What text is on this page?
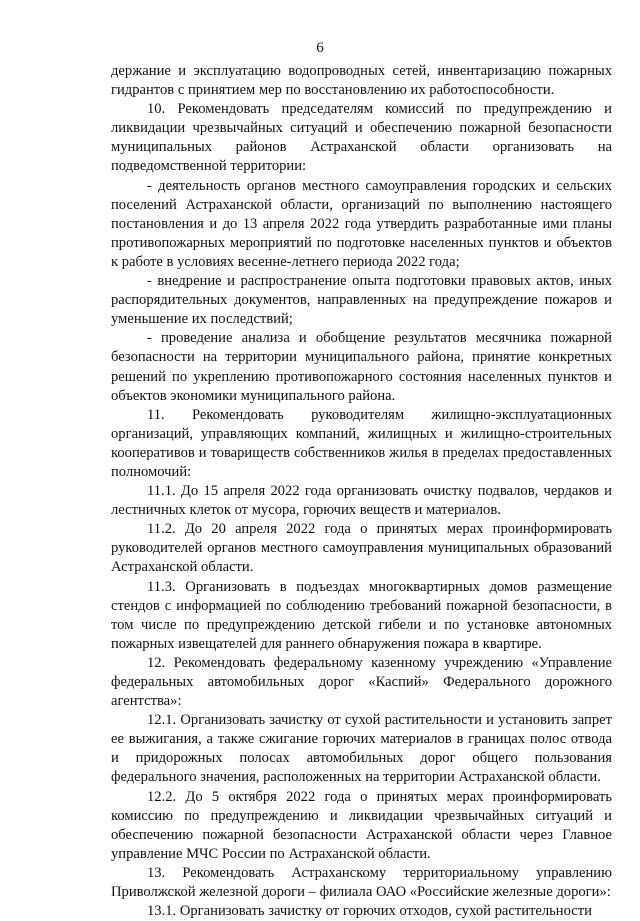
6

держание и эксплуатацию водопроводных сетей, инвентаризацию пожарных гидрантов с принятием мер по восстановлению их работоспособности.

10. Рекомендовать председателям комиссий по предупреждению и ликвидации чрезвычайных ситуаций и обеспечению пожарной безопасности муниципальных районов Астраханской области организовать на подведомственной территории:

- деятельность органов местного самоуправления городских и сельских поселений Астраханской области, организаций по выполнению настоящего постановления и до 13 апреля 2022 года утвердить разработанные ими планы противопожарных мероприятий по подготовке населенных пунктов и объектов к работе в условиях весенне-летнего периода 2022 года;

- внедрение и распространение опыта подготовки правовых актов, иных распорядительных документов, направленных на предупреждение пожаров и уменьшение их последствий;

- проведение анализа и обобщение результатов месячника пожарной безопасности на территории муниципального района, принятие конкретных решений по укреплению противопожарного состояния населенных пунктов и объектов экономики муниципального района.

11. Рекомендовать руководителям жилищно-эксплуатационных организаций, управляющих компаний, жилищных и жилищно-строительных кооперативов и товариществ собственников жилья в пределах предоставленных полномочий:

11.1. До 15 апреля 2022 года организовать очистку подвалов, чердаков и лестничных клеток от мусора, горючих веществ и материалов.

11.2. До 20 апреля 2022 года о принятых мерах проинформировать руководителей органов местного самоуправления муниципальных образований Астраханской области.

11.3. Организовать в подъездах многоквартирных домов размещение стендов с информацией по соблюдению требований пожарной безопасности, в том числе по предупреждению детской гибели и по установке автономных пожарных извещателей для раннего обнаружения пожара в квартире.

12. Рекомендовать федеральному казенному учреждению «Управление федеральных автомобильных дорог «Каспий» Федерального дорожного агентства»:

12.1. Организовать зачистку от сухой растительности и установить запрет ее выжигания, а также сжигание горючих материалов в границах полос отвода и придорожных полосах автомобильных дорог общего пользования федерального значения, расположенных на территории Астраханской области.

12.2. До 5 октября 2022 года о принятых мерах проинформировать комиссию по предупреждению и ликвидации чрезвычайных ситуаций и обеспечению пожарной безопасности Астраханской области через Главное управление МЧС России по Астраханской области.

13. Рекомендовать Астраханскому территориальному управлению Приволжской железной дороги – филиала ОАО «Российские железные дороги»:

13.1. Организовать зачистку от горючих отходов, сухой растительности
